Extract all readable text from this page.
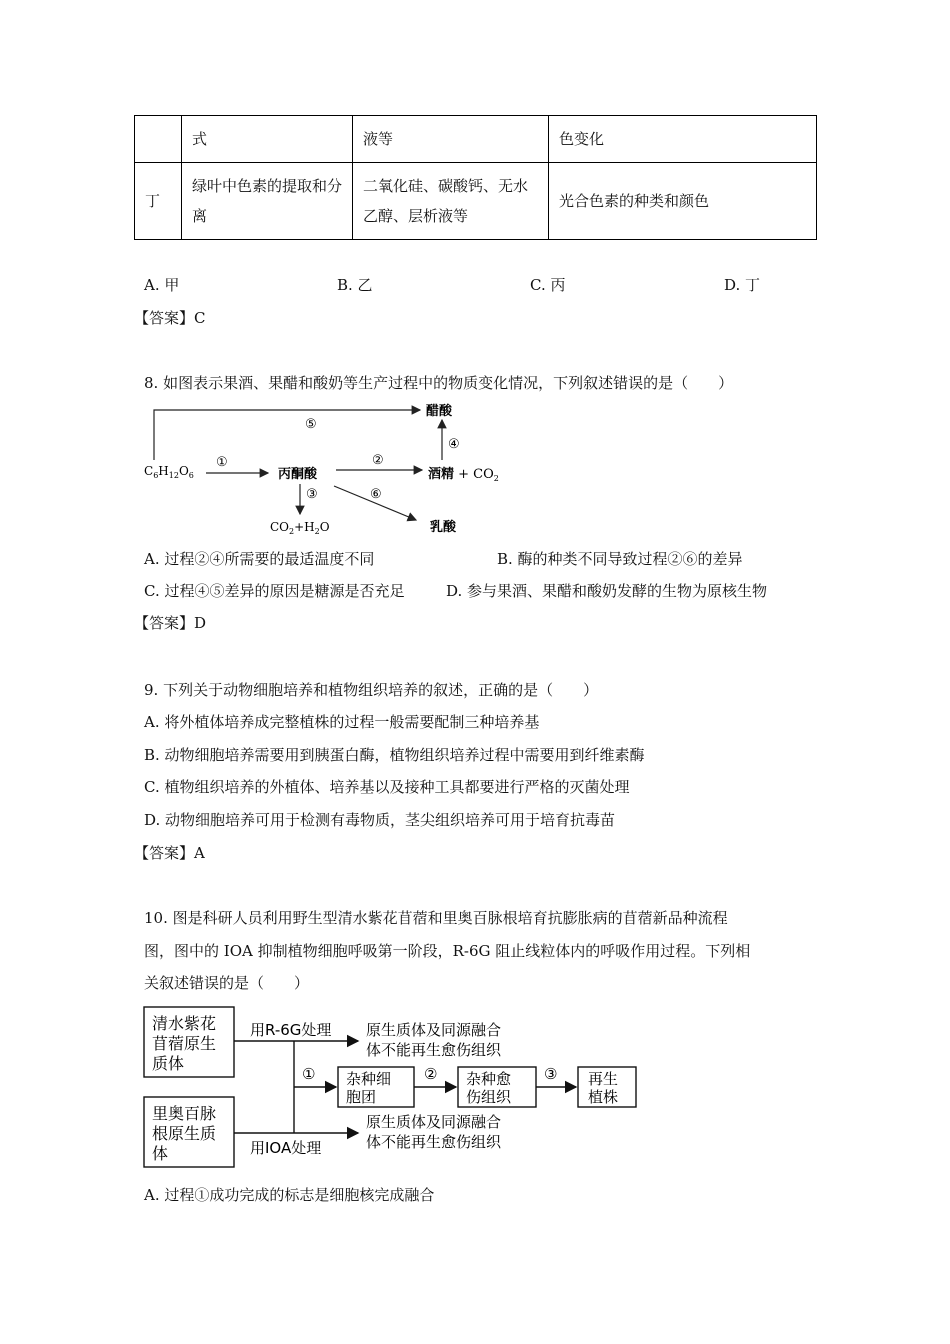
	式	液等	色变化
丁	绿叶中色素的提取和分离	二氧化硅、碳酸钙、无水乙醇、层析液等	光合色素的种类和颜色
A. 甲	B. 乙	C. 丙	D. 丁
【答案】C
8. 如图表示果酒、果醋和酸奶等生产过程中的物质变化情况，下列叙述错误的是（　　）
⑤
醋酸
$C_6H_{12}O_6$
①
丙酮酸
②
酒精 + $CO_2$
④
③
$CO_2+H_2O$
⑥
乳酸
A. 过程②④所需要的最适温度不同	B. 酶的种类不同导致过程②⑥的差异
C. 过程④⑤差异的原因是糖源是否充足	D. 参与果酒、果醋和酸奶发酵的生物为原核生物
【答案】D
9. 下列关于动物细胞培养和植物组织培养的叙述，正确的是（　　）
A. 将外植体培养成完整植株的过程一般需要配制三种培养基
B. 动物细胞培养需要用到胰蛋白酶，植物组织培养过程中需要用到纤维素酶
C. 植物组织培养的外植体、培养基以及接种工具都要进行严格的灭菌处理
D. 动物细胞培养可用于检测有毒物质，茎尖组织培养可用于培育抗毒苗
【答案】A
10. 图是科研人员利用野生型清水紫花苜蓿和里奥百脉根培育抗膨胀病的苜蓿新品种流程
图，图中的 IOA 抑制植物细胞呼吸第一阶段，R-6G 阻止线粒体内的呼吸作用过程。下列相
关叙述错误的是（　　）
清水紫花
苜蓿原生
质体
里奥百脉
根原生质
体
用R-6G处理 原生质体及同源融合
体不能再生愈伤组织
用IOA处理
原生质体及同源融合
体不能再生愈伤组织
① 杂种细
胞团
② 杂种愈
伤组织
③ 再生
植株
A. 过程①成功完成的标志是细胞核完成融合
